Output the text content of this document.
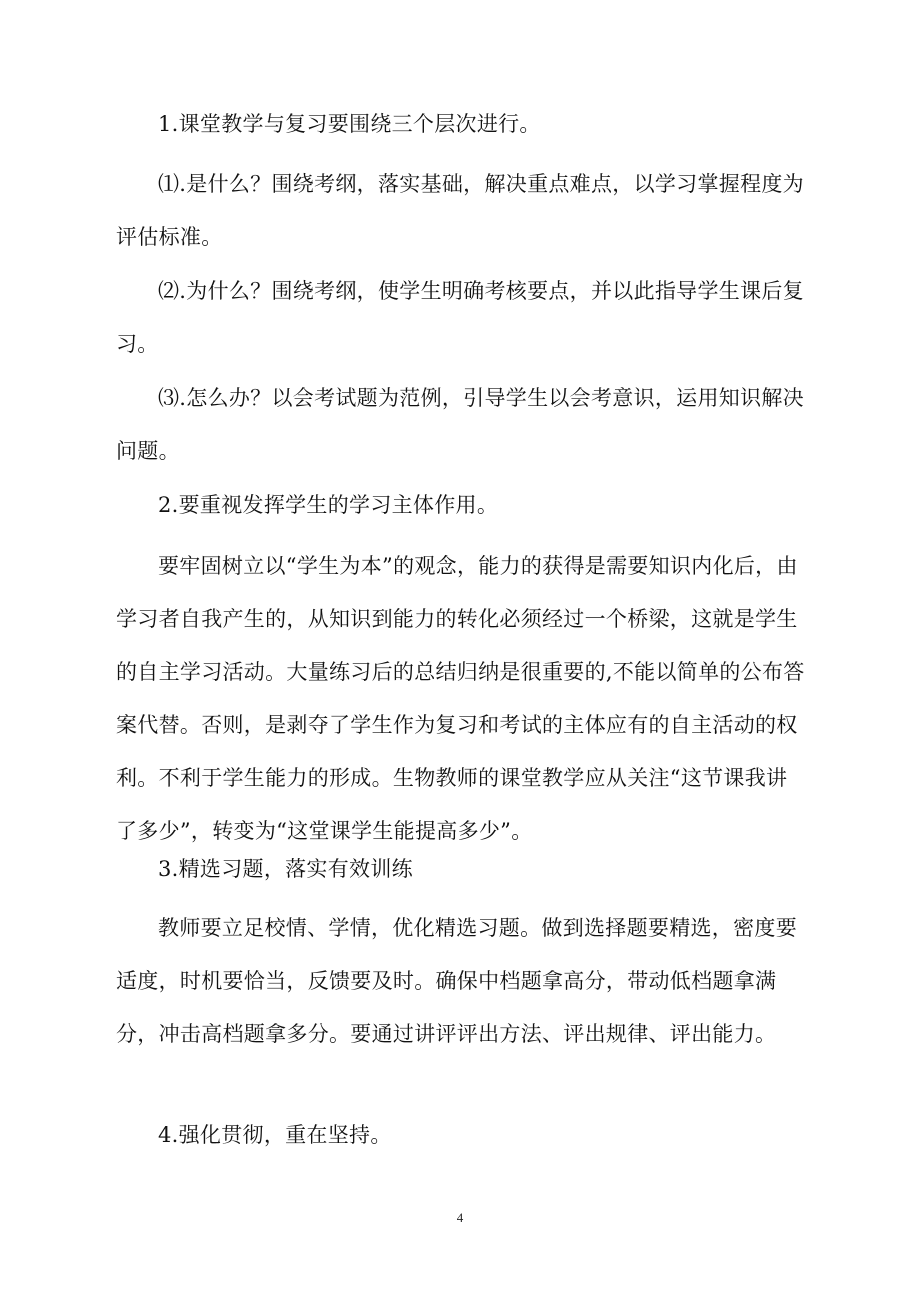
1.课堂教学与复习要围绕三个层次进行。

⑴.是什么？围绕考纲，落实基础，解决重点难点，以学习掌握程度为评估标准。

⑵.为什么？围绕考纲，使学生明确考核要点，并以此指导学生课后复习。

⑶.怎么办？以会考试题为范例，引导学生以会考意识，运用知识解决问题。

2.要重视发挥学生的学习主体作用。

要牢固树立以“学生为本”的观念，能力的获得是需要知识内化后，由学习者自我产生的，从知识到能力的转化必须经过一个桥梁，这就是学生的自主学习活动。大量练习后的总结归纳是很重要的,不能以简单的公布答案代替。否则，是剥夺了学生作为复习和考试的主体应有的自主活动的权利。不利于学生能力的形成。生物教师的课堂教学应从关注“这节课我讲了多少”，转变为“这堂课学生能提高多少”。

3.精选习题，落实有效训练

教师要立足校情、学情，优化精选习题。做到选择题要精选，密度要适度，时机要恰当，反馈要及时。确保中档题拿高分，带动低档题拿满分，冲击高档题拿多分。要通过讲评评出方法、评出规律、评出能力。

4.强化贯彻，重在坚持。

4
